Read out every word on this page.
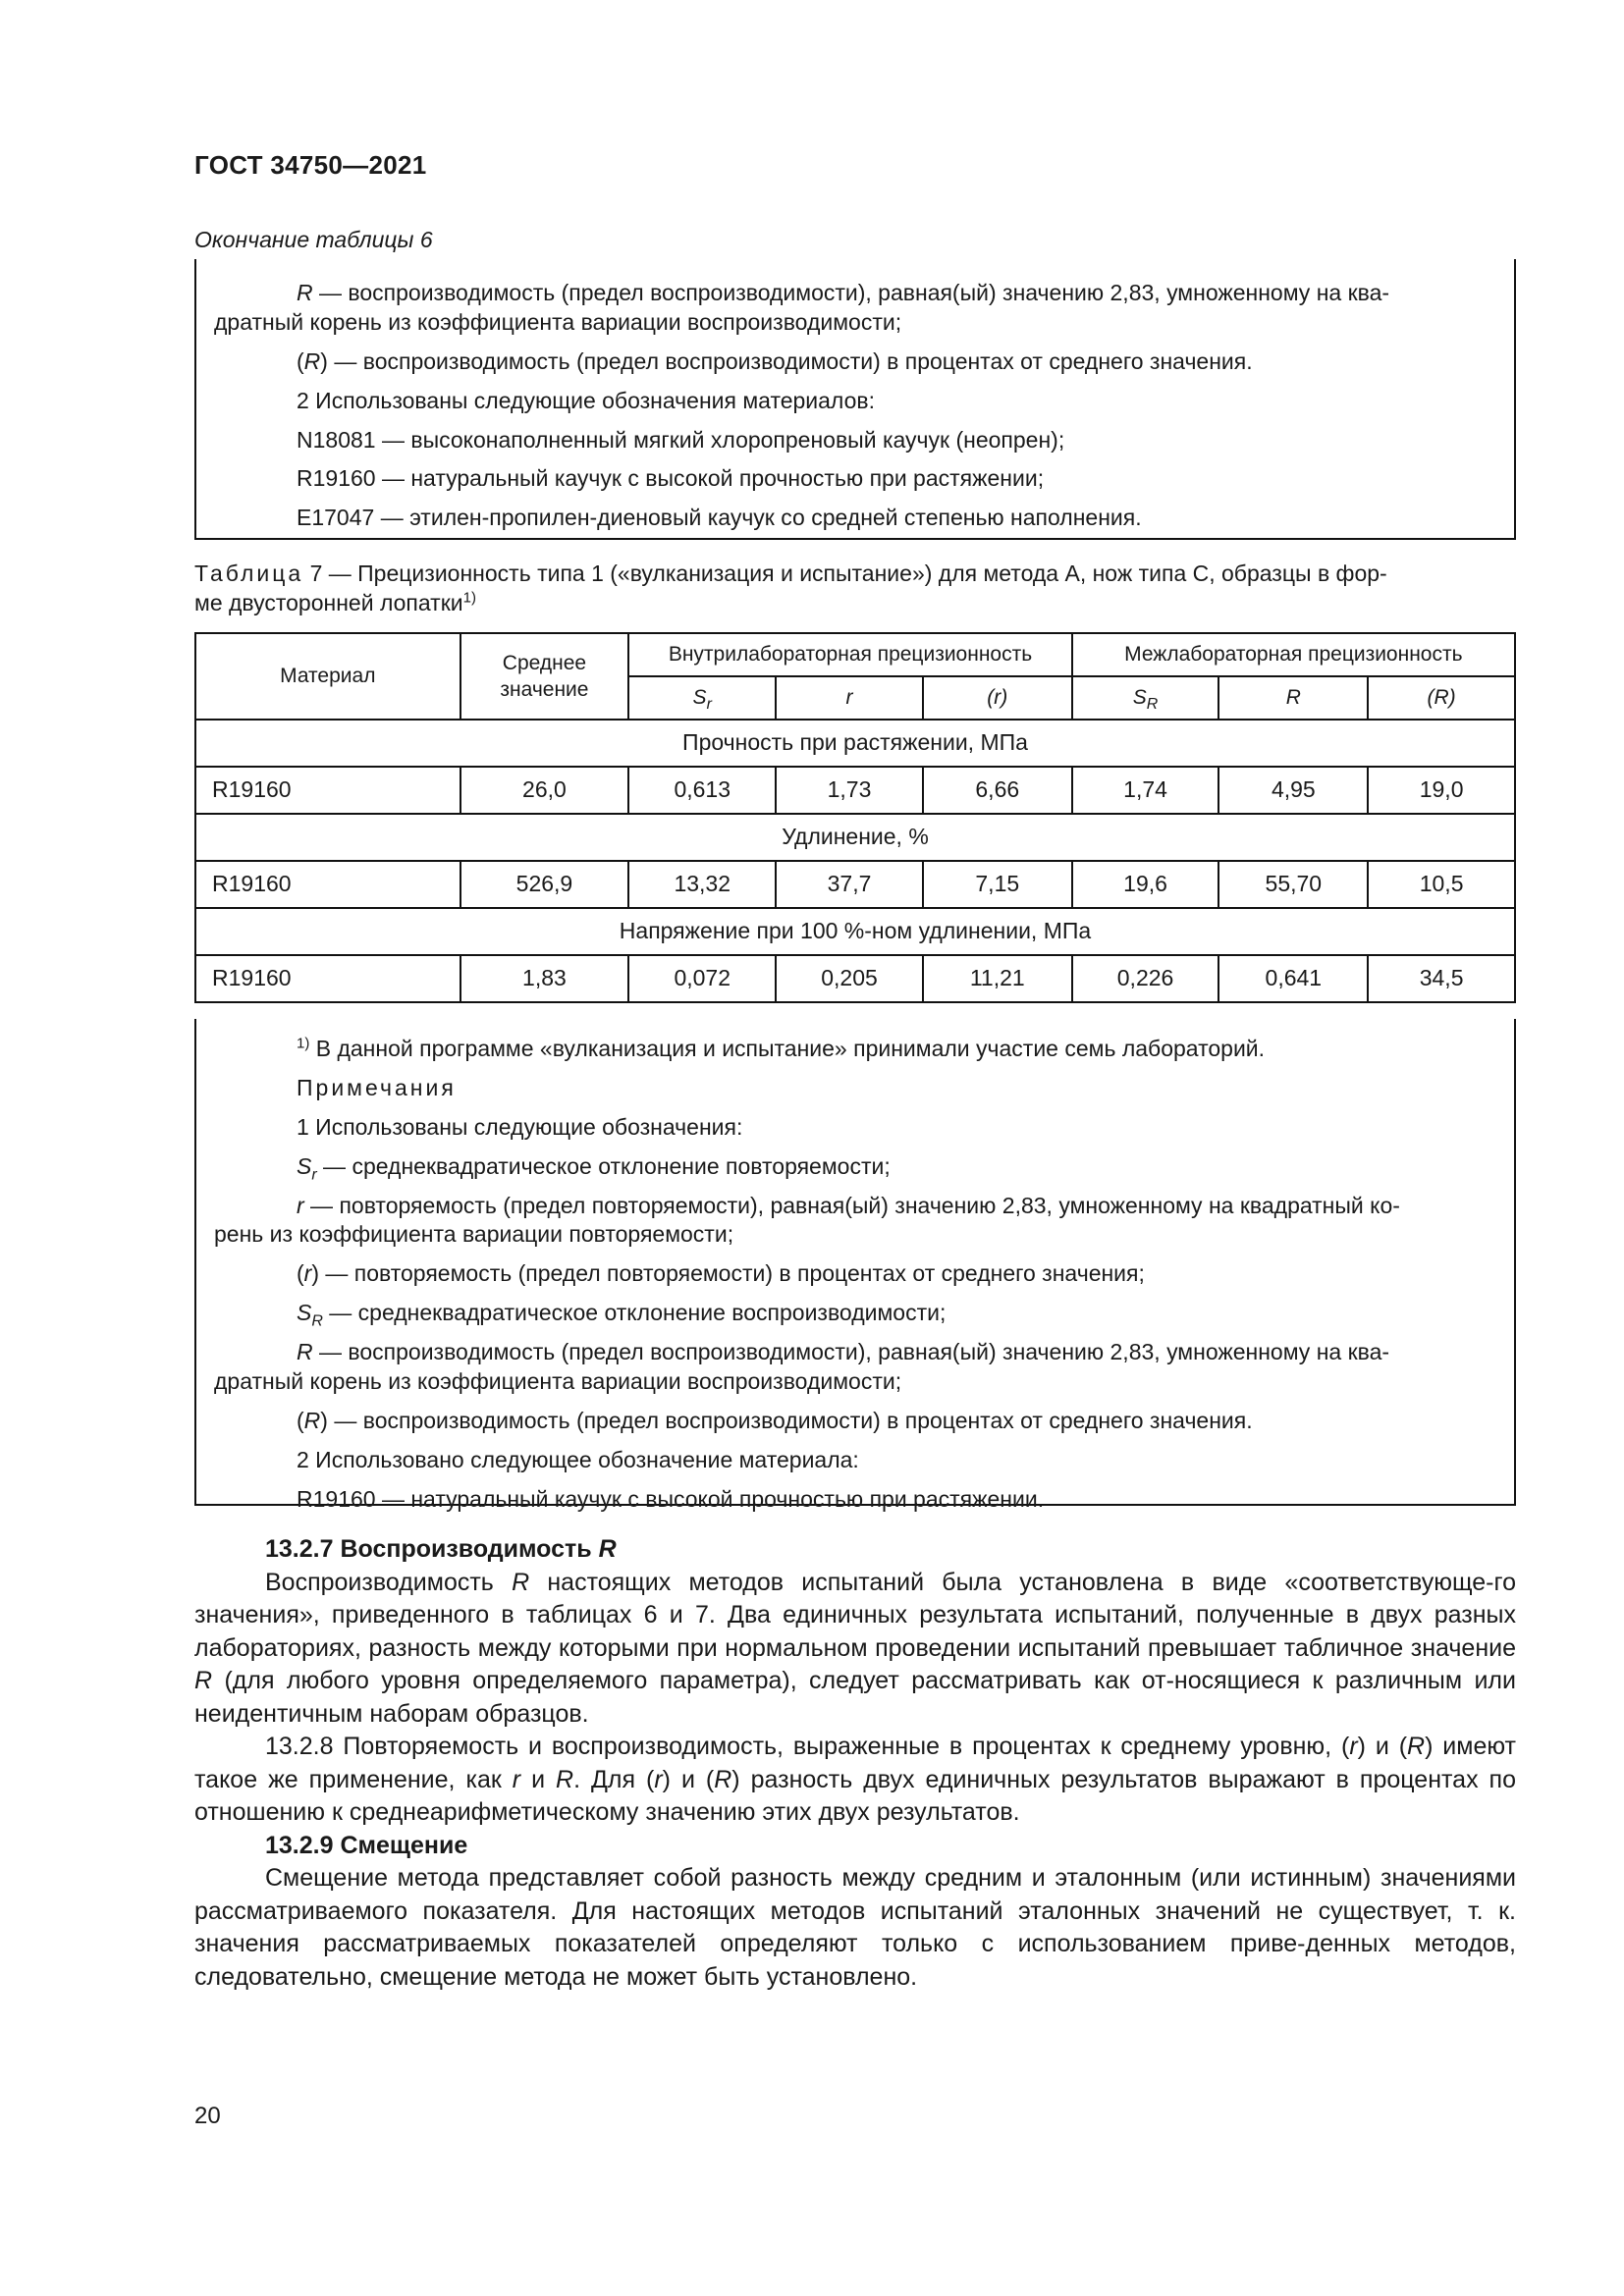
ГОСТ 34750—2021
Окончание таблицы 6

R — воспроизводимость (предел воспроизводимости), равная(ый) значению 2,83, умноженному на ква-
дратный корень из коэффициента вариации воспроизводимости;

(R) — воспроизводимость (предел воспроизводимости) в процентах от среднего значения.

2 Использованы следующие обозначения материалов:

N18081 — высоконаполненный мягкий хлоропреновый каучук (неопрен);

R19160 — натуральный каучук с высокой прочностью при растяжении;

E17047 — этилен-пропилен-диеновый каучук со средней степенью наполнения.

Таблица 7 — Прецизионность типа 1 («вулканизация и испытание») для метода А, нож типа С, образцы в фор-
ме двусторонней лопатки$^{1)}$
Материал	Среднее значение	Внутрилабораторная прецизионность			Межлабораторная прецизионность		
		$S_r$	r	(r)	$S_R$	R	(R)
Прочность при растяжении, МПа							
R19160	26,0	0,613	1,73	6,66	1,74	4,95	19,0
Удлинение, %							
R19160	526,9	13,32	37,7	7,15	19,6	55,70	10,5
Напряжение при 100 %-ном удлинении, МПа							
R19160	1,83	0,072	0,205	11,21	0,226	0,641	34,5

$^{1)}$ В данной программе «вулканизация и испытание» принимали участие семь лабораторий.

Примечания

1 Использованы следующие обозначения:

$S_r$ — среднеквадратическое отклонение повторяемости;

r — повторяемость (предел повторяемости), равная(ый) значению 2,83, умноженному на квадратный ко-
рень из коэффициента вариации повторяемости;

(r) — повторяемость (предел повторяемости) в процентах от среднего значения;

$S_R$ — среднеквадратическое отклонение воспроизводимости;

R — воспроизводимость (предел воспроизводимости), равная(ый) значению 2,83, умноженному на ква-
дратный корень из коэффициента вариации воспроизводимости;

(R) — воспроизводимость (предел воспроизводимости) в процентах от среднего значения.

2 Использовано следующее обозначение материала:

R19160 — натуральный каучук с высокой прочностью при растяжении.

13.2.7 Воспроизводимость R

Воспроизводимость R настоящих методов испытаний была установлена в виде «соответствующе-го значения», приведенного в таблицах 6 и 7. Два единичных результата испытаний, полученные в двух разных лабораториях, разность между которыми при нормальном проведении испытаний превышает табличное значение R (для любого уровня определяемого параметра), следует рассматривать как от-носящиеся к различным или неидентичным наборам образцов.

13.2.8 Повторяемость и воспроизводимость, выраженные в процентах к среднему уровню, (r) и (R) имеют такое же применение, как r и R. Для (r) и (R) разность двух единичных результатов выражают в процентах по отношению к среднеарифметическому значению этих двух результатов.

13.2.9 Смещение

Смещение метода представляет собой разность между средним и эталонным (или истинным) значениями рассматриваемого показателя. Для настоящих методов испытаний эталонных значений не существует, т. к. значения рассматриваемых показателей определяют только с использованием приве-денных методов, следовательно, смещение метода не может быть установлено.

20
